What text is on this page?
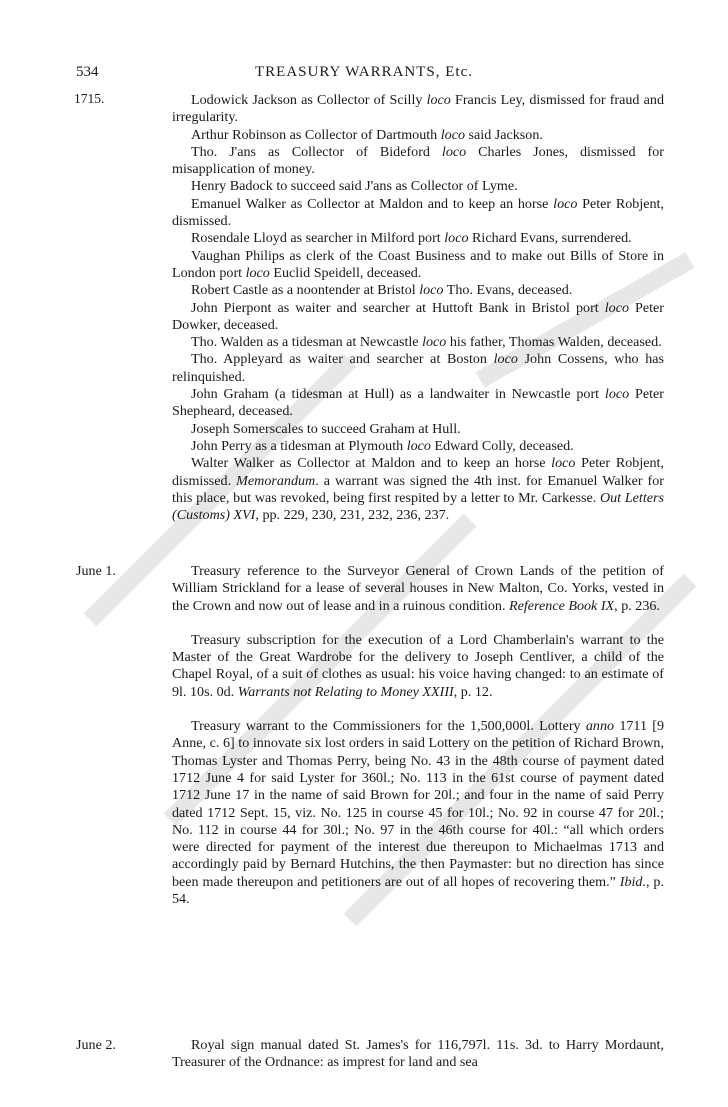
534	TREASURY WARRANTS, Etc.
1715.	Lodowick Jackson as Collector of Scilly loco Francis Ley, dismissed for fraud and irregularity.

Arthur Robinson as Collector of Dartmouth loco said Jackson.

Tho. J'ans as Collector of Bideford loco Charles Jones, dismissed for misapplication of money.

Henry Badock to succeed said J'ans as Collector of Lyme.

Emanuel Walker as Collector at Maldon and to keep an horse loco Peter Robjent, dismissed.

Rosendale Lloyd as searcher in Milford port loco Richard Evans, surrendered.

Vaughan Philips as clerk of the Coast Business and to make out Bills of Store in London port loco Euclid Speidell, deceased.

Robert Castle as a noontender at Bristol loco Tho. Evans, deceased.

John Pierpont as waiter and searcher at Huttoft Bank in Bristol port loco Peter Dowker, deceased.

Tho. Walden as a tidesman at Newcastle loco his father, Thomas Walden, deceased.

Tho. Appleyard as waiter and searcher at Boston loco John Cossens, who has relinquished.

John Graham (a tidesman at Hull) as a landwaiter in Newcastle port loco Peter Shepheard, deceased.

Joseph Somerscales to succeed Graham at Hull.

John Perry as a tidesman at Plymouth loco Edward Colly, deceased.

Walter Walker as Collector at Maldon and to keep an horse loco Peter Robjent, dismissed. Memorandum. a warrant was signed the 4th inst. for Emanuel Walker for this place, but was revoked, being first respited by a letter to Mr. Carkesse. Out Letters (Customs) XVI, pp. 229, 230, 231, 232, 236, 237.

June 1.	Treasury reference to the Surveyor General of Crown Lands of the petition of William Strickland for a lease of several houses in New Malton, Co. Yorks, vested in the Crown and now out of lease and in a ruinous condition. Reference Book IX, p. 236.

Treasury subscription for the execution of a Lord Chamberlain's warrant to the Master of the Great Wardrobe for the delivery to Joseph Centliver, a child of the Chapel Royal, of a suit of clothes as usual: his voice having changed: to an estimate of 9l. 10s. 0d. Warrants not Relating to Money XXIII, p. 12.

Treasury warrant to the Commissioners for the 1,500,000l. Lottery anno 1711 [9 Anne, c. 6] to innovate six lost orders in said Lottery on the petition of Richard Brown, Thomas Lyster and Thomas Perry, being No. 43 in the 48th course of payment dated 1712 June 4 for said Lyster for 360l.; No. 113 in the 61st course of payment dated 1712 June 17 in the name of said Brown for 20l.; and four in the name of said Perry dated 1712 Sept. 15, viz. No. 125 in course 45 for 10l.; No. 92 in course 47 for 20l.; No. 112 in course 44 for 30l.; No. 97 in the 46th course for 40l.: “all which orders were directed for payment of the interest due thereupon to Michaelmas 1713 and accordingly paid by Bernard Hutchins, the then Paymaster: but no direction has since been made thereupon and petitioners are out of all hopes of recovering them.” Ibid., p. 54.

June 2.	Royal sign manual dated St. James's for 116,797l. 11s. 3d. to Harry Mordaunt, Treasurer of the Ordnance: as imprest for land and sea
